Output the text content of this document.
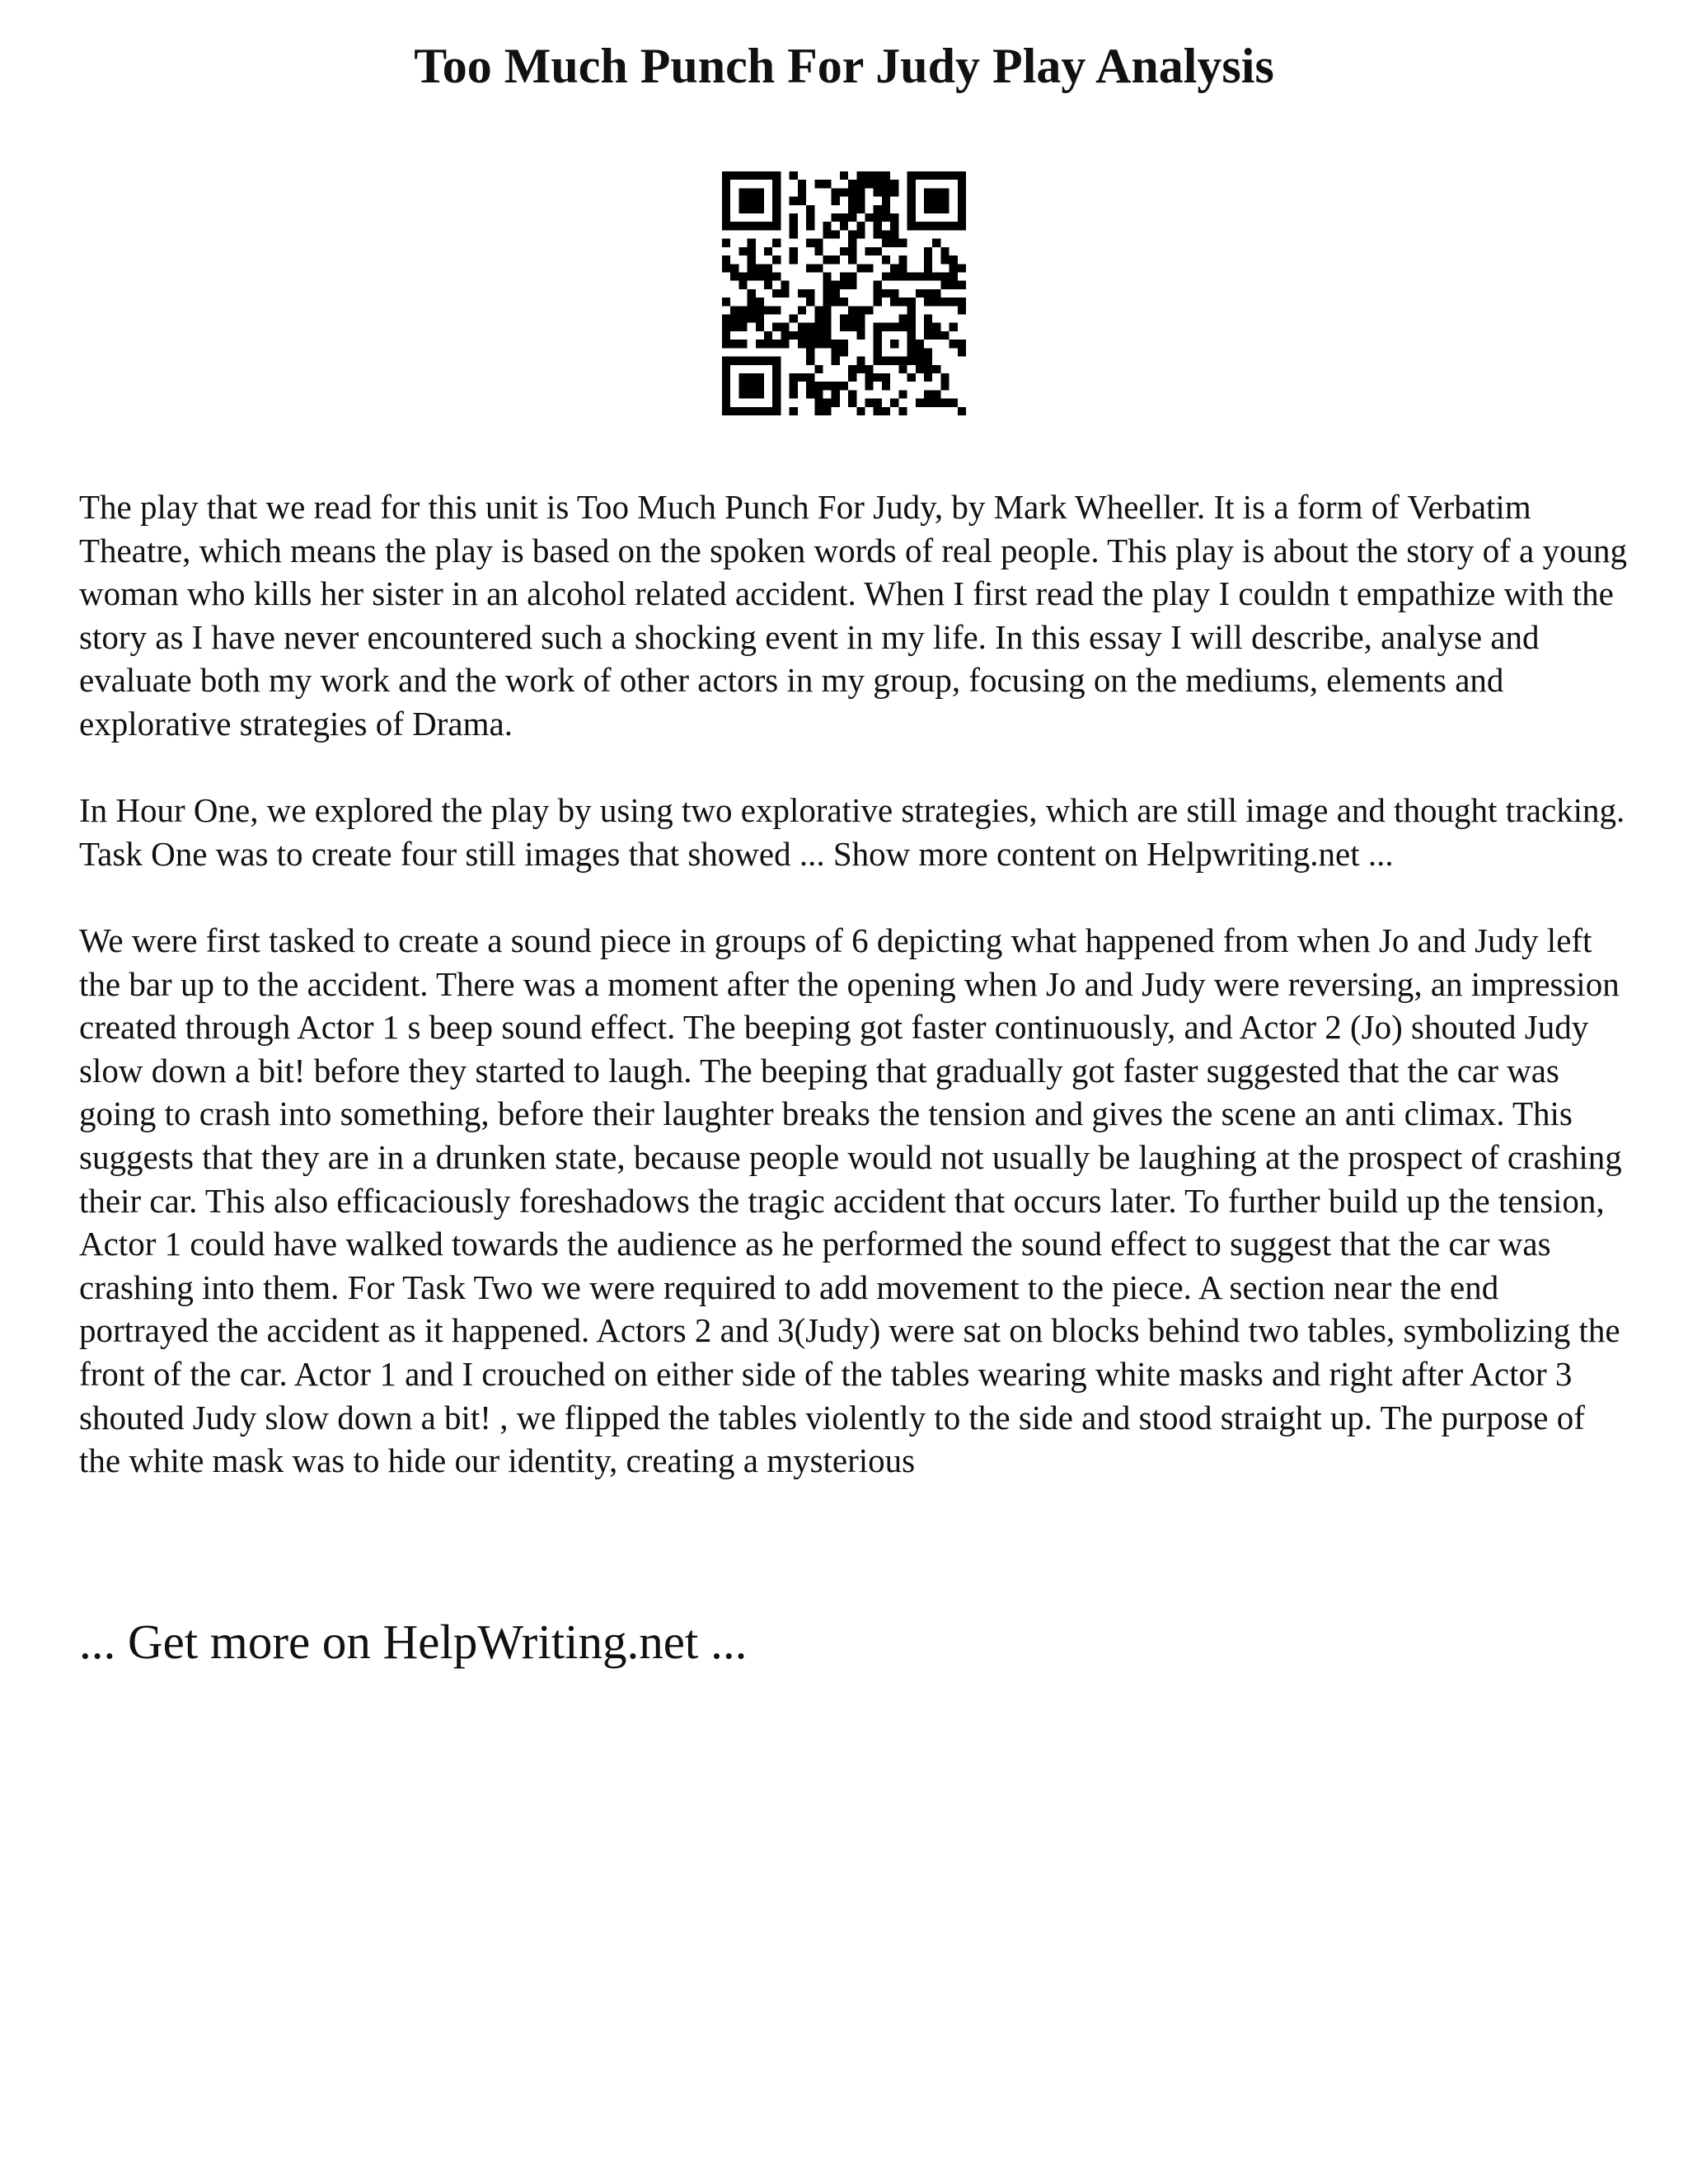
Too Much Punch For Judy Play Analysis

The play that we read for this unit is Too Much Punch For Judy, by Mark Wheeller. It is a form of Verbatim Theatre, which means the play is based on the spoken words of real people. This play is about the story of a young woman who kills her sister in an alcohol related accident. When I first read the play I couldn t empathize with the story as I have never encountered such a shocking event in my life. In this essay I will describe, analyse and evaluate both my work and the work of other actors in my group, focusing on the mediums, elements and explorative strategies of Drama.

In Hour One, we explored the play by using two explorative strategies, which are still image and thought tracking. Task One was to create four still images that showed ... Show more content on Helpwriting.net ...

We were first tasked to create a sound piece in groups of 6 depicting what happened from when Jo and Judy left the bar up to the accident. There was a moment after the opening when Jo and Judy were reversing, an impression created through Actor 1 s beep sound effect. The beeping got faster continuously, and Actor 2 (Jo) shouted Judy slow down a bit! before they started to laugh. The beeping that gradually got faster suggested that the car was going to crash into something, before their laughter breaks the tension and gives the scene an anti climax. This suggests that they are in a drunken state, because people would not usually be laughing at the prospect of crashing their car. This also efficaciously foreshadows the tragic accident that occurs later. To further build up the tension, Actor 1 could have walked towards the audience as he performed the sound effect to suggest that the car was crashing into them. For Task Two we were required to add movement to the piece. A section near the end portrayed the accident as it happened. Actors 2 and 3(Judy) were sat on blocks behind two tables, symbolizing the front of the car. Actor 1 and I crouched on either side of the tables wearing white masks and right after Actor 3 shouted Judy slow down a bit! , we flipped the tables violently to the side and stood straight up. The purpose of the white mask was to hide our identity, creating a mysterious

... Get more on HelpWriting.net ...
